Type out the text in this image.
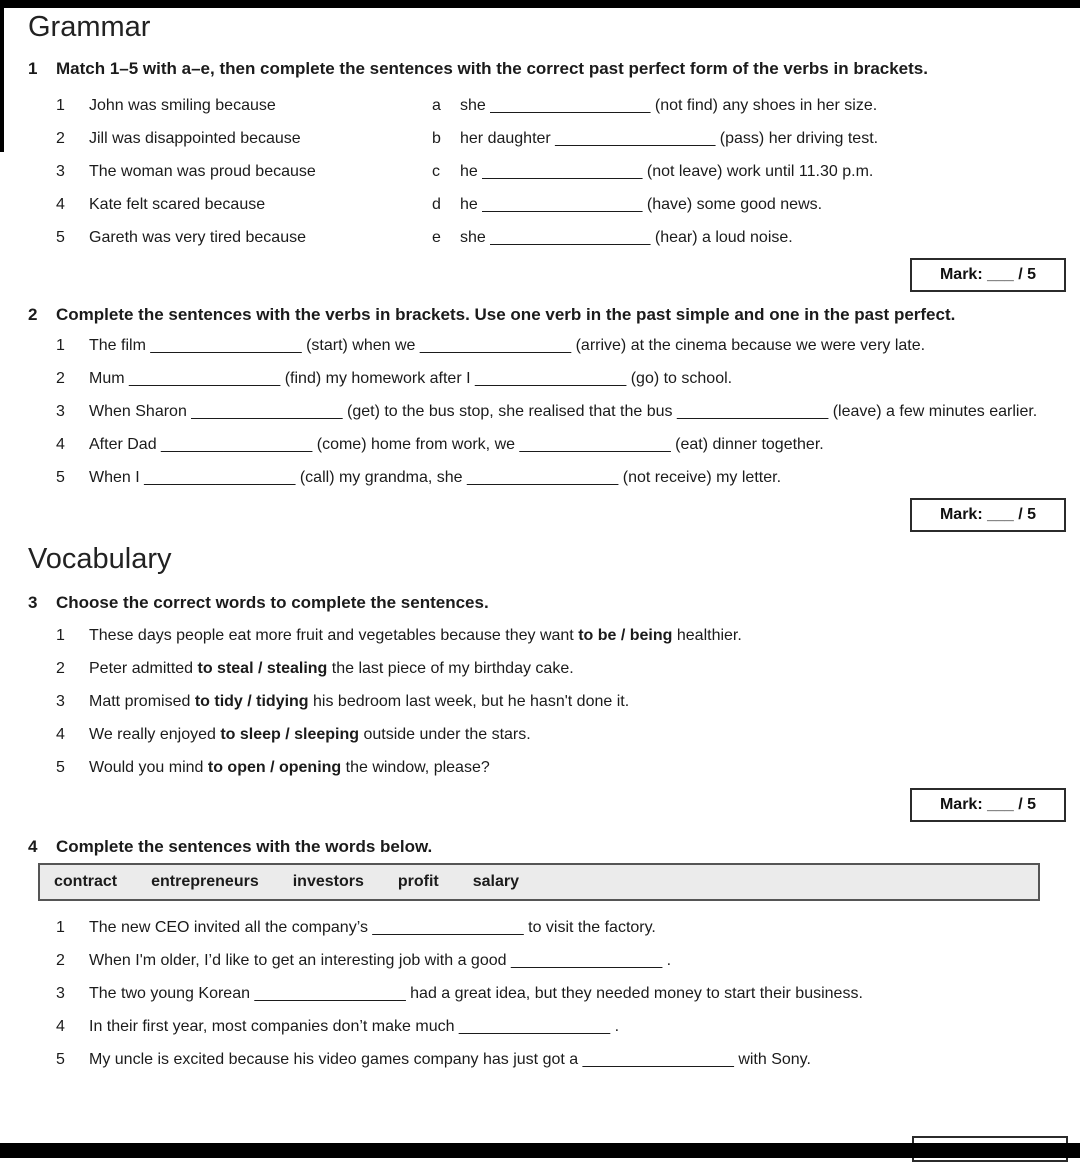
Grammar
1	Match 1–5 with a–e, then complete the sentences with the correct past perfect form of the verbs in brackets.
1	John was smiling because	a	she __________________ (not find) any shoes in her size.
2	Jill was disappointed because	b	her daughter __________________ (pass) her driving test.
3	The woman was proud because	c	he __________________ (not leave) work until 11.30 p.m.
4	Kate felt scared because	d	he __________________ (have) some good news.
5	Gareth was very tired because	e	she __________________ (hear) a loud noise.
Mark: ___ / 5
2	Complete the sentences with the verbs in brackets. Use one verb in the past simple and one in the past perfect.
1	The film _________________ (start) when we _________________ (arrive) at the cinema because we were very late.
2	Mum _________________ (find) my homework after I _________________ (go) to school.
3	When Sharon _________________ (get) to the bus stop, she realised that the bus _________________ (leave) a few minutes earlier.
4	After Dad _________________ (come) home from work, we _________________ (eat) dinner together.
5	When I _________________ (call) my grandma, she _________________ (not receive) my letter.
Mark: ___ / 5
Vocabulary
3	Choose the correct words to complete the sentences.
1	These days people eat more fruit and vegetables because they want to be / being healthier.
2	Peter admitted to steal / stealing the last piece of my birthday cake.
3	Matt promised to tidy / tidying his bedroom last week, but he hasn't done it.
4	We really enjoyed to sleep / sleeping outside under the stars.
5	Would you mind to open / opening the window, please?
Mark: ___ / 5
4	Complete the sentences with the words below.
contract entrepreneurs investors profit salary
1	The new CEO invited all the company’s _________________ to visit the factory.
2	When I'm older, I’d like to get an interesting job with a good _________________ .
3	The two young Korean _________________ had a great idea, but they needed money to start their business.
4	In their first year, most companies don’t make much _________________ .
5	My uncle is excited because his video games company has just got a _________________ with Sony.
